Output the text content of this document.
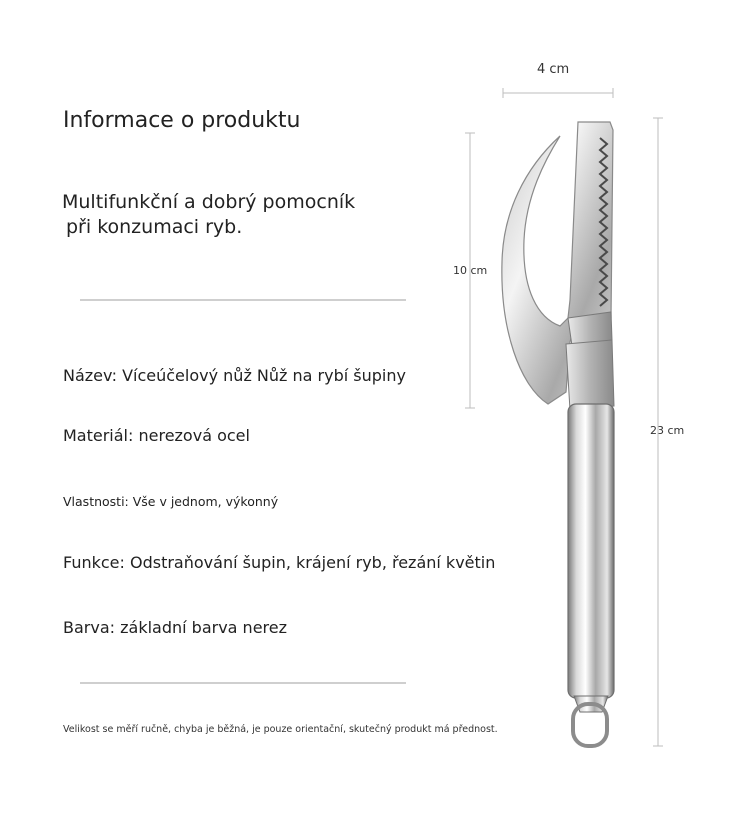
Informace o produktu
Multifunkční a dobrý pomocník
při konzumaci ryb.
Název: Víceúčelový nůž Nůž na rybí šupiny
Materiál: nerezová ocel
Vlastnosti: Vše v jednom, výkonný
Funkce: Odstraňování šupin, krájení ryb, řezání květin
Barva: základní barva nerez
Velikost se měří ručně, chyba je běžná, je pouze orientační, skutečný produkt má přednost.
4 cm
10 cm
23 cm
